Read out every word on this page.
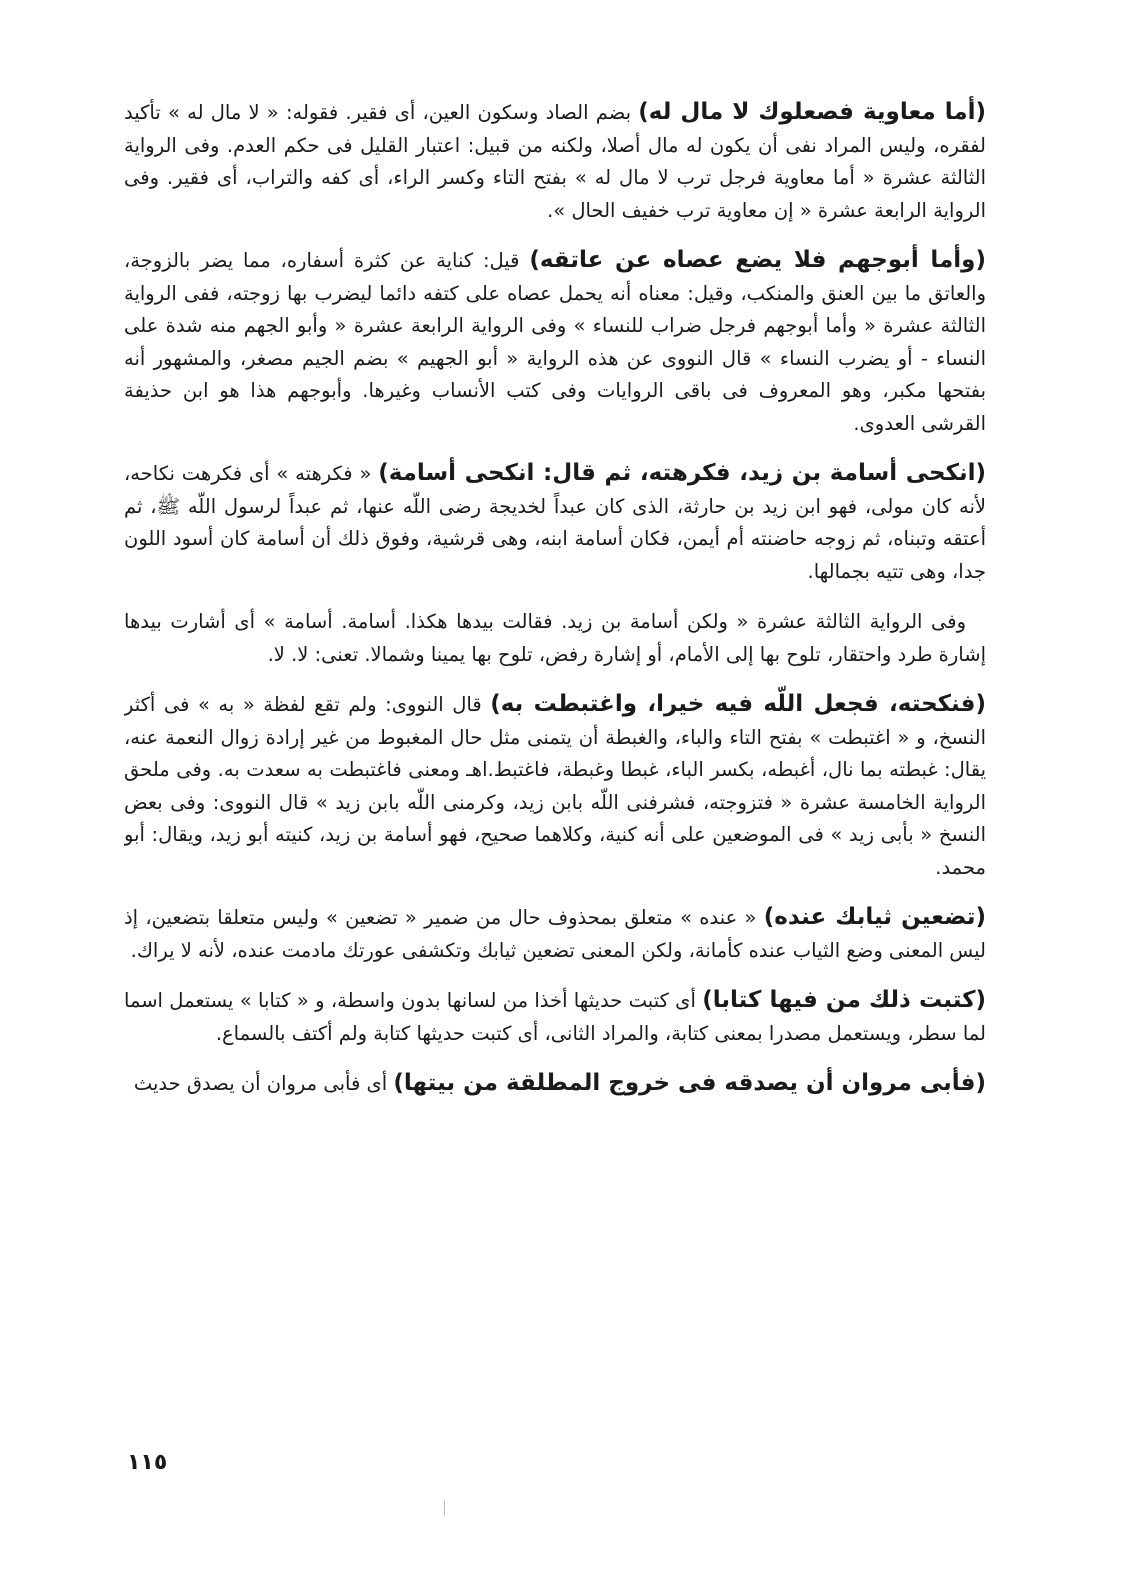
(أما معاوية فصعلوك لا مال له) بضم الصاد وسكون العين، أى فقير. فقوله: « لا مال له » تأكيد لفقره، وليس المراد نفى أن يكون له مال أصلا، ولكنه من قبيل: اعتبار القليل فى حكم العدم. وفى الرواية الثالثة عشرة « أما معاوية فرجل ترب لا مال له » بفتح التاء وكسر الراء، أى كفه والتراب، أى فقير. وفى الرواية الرابعة عشرة « إن معاوية ترب خفيف الحال ».

(وأما أبوجهم فلا يضع عصاه عن عاتقه) قيل: كناية عن كثرة أسفاره، مما يضر بالزوجة، والعاتق ما بين العنق والمنكب، وقيل: معناه أنه يحمل عصاه على كتفه دائما ليضرب بها زوجته، ففى الرواية الثالثة عشرة « وأما أبوجهم فرجل ضراب للنساء » وفى الرواية الرابعة عشرة « وأبو الجهم منه شدة على النساء - أو يضرب النساء » قال النووى عن هذه الرواية « أبو الجهيم » بضم الجيم مصغر، والمشهور أنه بفتحها مكبر، وهو المعروف فى باقى الروايات وفى كتب الأنساب وغيرها. وأبوجهم هذا هو ابن حذيفة القرشى العدوى.

(انكحى أسامة بن زيد، فكرهته، ثم قال: انكحى أسامة) « فكرهته » أى فكرهت نكاحه، لأنه كان مولى، فهو ابن زيد بن حارثة، الذى كان عبداً لخديجة رضى اللّه عنها، ثم عبداً لرسول اللّه ﷺ، ثم أعتقه وتبناه، ثم زوجه حاضنته أم أيمن، فكان أسامة ابنه، وهى قرشية، وفوق ذلك أن أسامة كان أسود اللون جدا، وهى تتيه بجمالها.

وفى الرواية الثالثة عشرة « ولكن أسامة بن زيد. فقالت بيدها هكذا. أسامة. أسامة » أى أشارت بيدها إشارة طرد واحتقار، تلوح بها إلى الأمام، أو إشارة رفض، تلوح بها يمينا وشمالا. تعنى: لا. لا.

(فنكحته، فجعل اللّه فيه خيرا، واغتبطت به) قال النووى: ولم تقع لفظة « به » فى أكثر النسخ، و « اغتبطت » بفتح التاء والباء، والغبطة أن يتمنى مثل حال المغبوط من غير إرادة زوال النعمة عنه، يقال: غبطته بما نال، أغبطه، بكسر الباء، غبطا وغبطة، فاغتبط.اهـ ومعنى فاغتبطت به سعدت به. وفى ملحق الرواية الخامسة عشرة « فتزوجته، فشرفنى اللّه بابن زيد، وكرمنى اللّه بابن زيد » قال النووى: وفى بعض النسخ « بأبى زيد » فى الموضعين على أنه كنية، وكلاهما صحيح، فهو أسامة بن زيد، كنيته أبو زيد، ويقال: أبو محمد.

(تضعين ثيابك عنده) « عنده » متعلق بمحذوف حال من ضمير « تضعين » وليس متعلقا بتضعين، إذ ليس المعنى وضع الثياب عنده كأمانة، ولكن المعنى تضعين ثيابك وتكشفى عورتك مادمت عنده، لأنه لا يراك.

(كتبت ذلك من فيها كتابا) أى كتبت حديثها أخذا من لسانها بدون واسطة، و « كتابا » يستعمل اسما لما سطر، ويستعمل مصدرا بمعنى كتابة، والمراد الثانى، أى كتبت حديثها كتابة ولم أكتف بالسماع.

(فأبى مروان أن يصدقه فى خروج المطلقة من بيتها) أى فأبى مروان أن يصدق حديث

١١٥
